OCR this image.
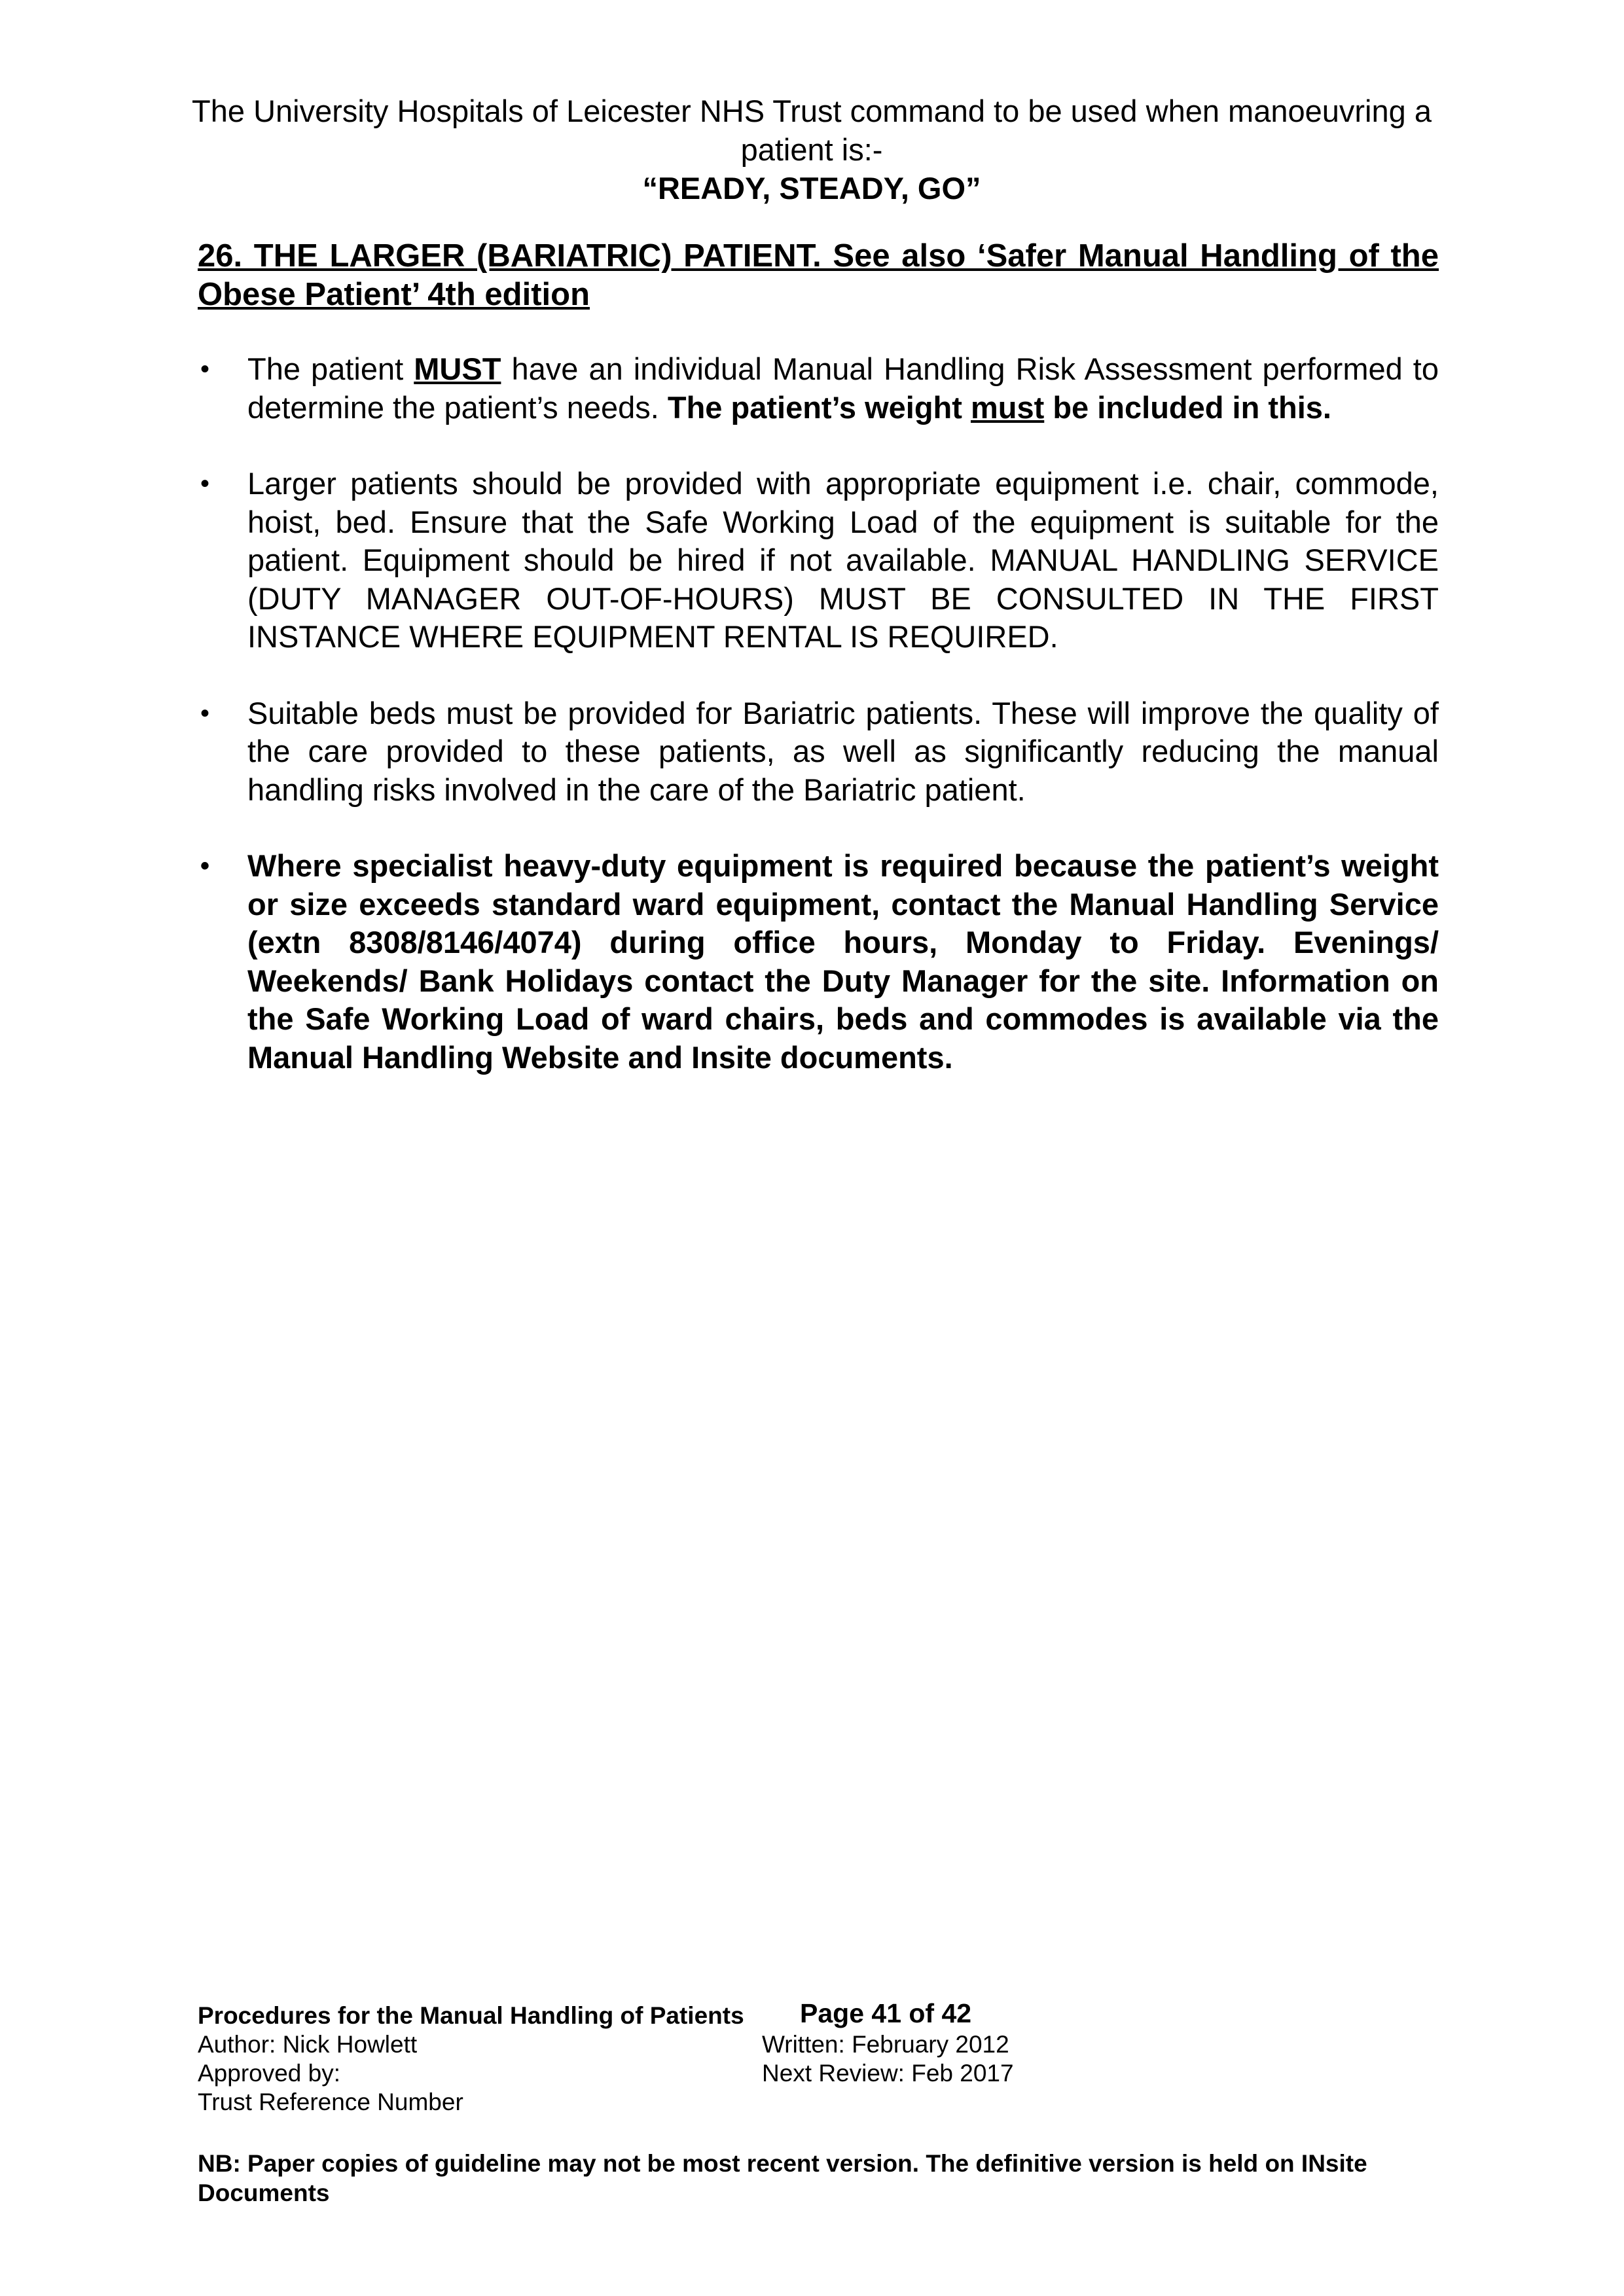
The University Hospitals of Leicester NHS Trust command to be used when manoeuvring a
patient is:-
“READY, STEADY, GO”
26. THE LARGER (BARIATRIC) PATIENT. See also ‘Safer Manual Handling of the Obese Patient’ 4th edition
•	The patient MUST have an individual Manual Handling Risk Assessment performed to determine the patient’s needs. The patient’s weight must be included in this.
•	Larger patients should be provided with appropriate equipment i.e. chair, commode, hoist, bed. Ensure that the Safe Working Load of the equipment is suitable for the patient. Equipment should be hired if not available. MANUAL HANDLING SERVICE (DUTY MANAGER OUT-OF-HOURS) MUST BE CONSULTED IN THE FIRST INSTANCE WHERE EQUIPMENT RENTAL IS REQUIRED.
•	Suitable beds must be provided for Bariatric patients. These will improve the quality of the care provided to these patients, as well as significantly reducing the manual handling risks involved in the care of the Bariatric patient.
•	Where specialist heavy-duty equipment is required because the patient’s weight or size exceeds standard ward equipment, contact the Manual Handling Service (extn 8308/8146/4074) during office hours, Monday to Friday. Evenings/ Weekends/ Bank Holidays contact the Duty Manager for the site. Information on the Safe Working Load of ward chairs, beds and commodes is available via the Manual Handling Website and Insite documents.
Procedures for the Manual Handling of Patients Page 41 of 42
Author: Nick Howlett	Written: February 2012
Approved by:	Next Review: Feb 2017
Trust Reference Number
NB: Paper copies of guideline may not be most recent version. The definitive version is held on INsite Documents
